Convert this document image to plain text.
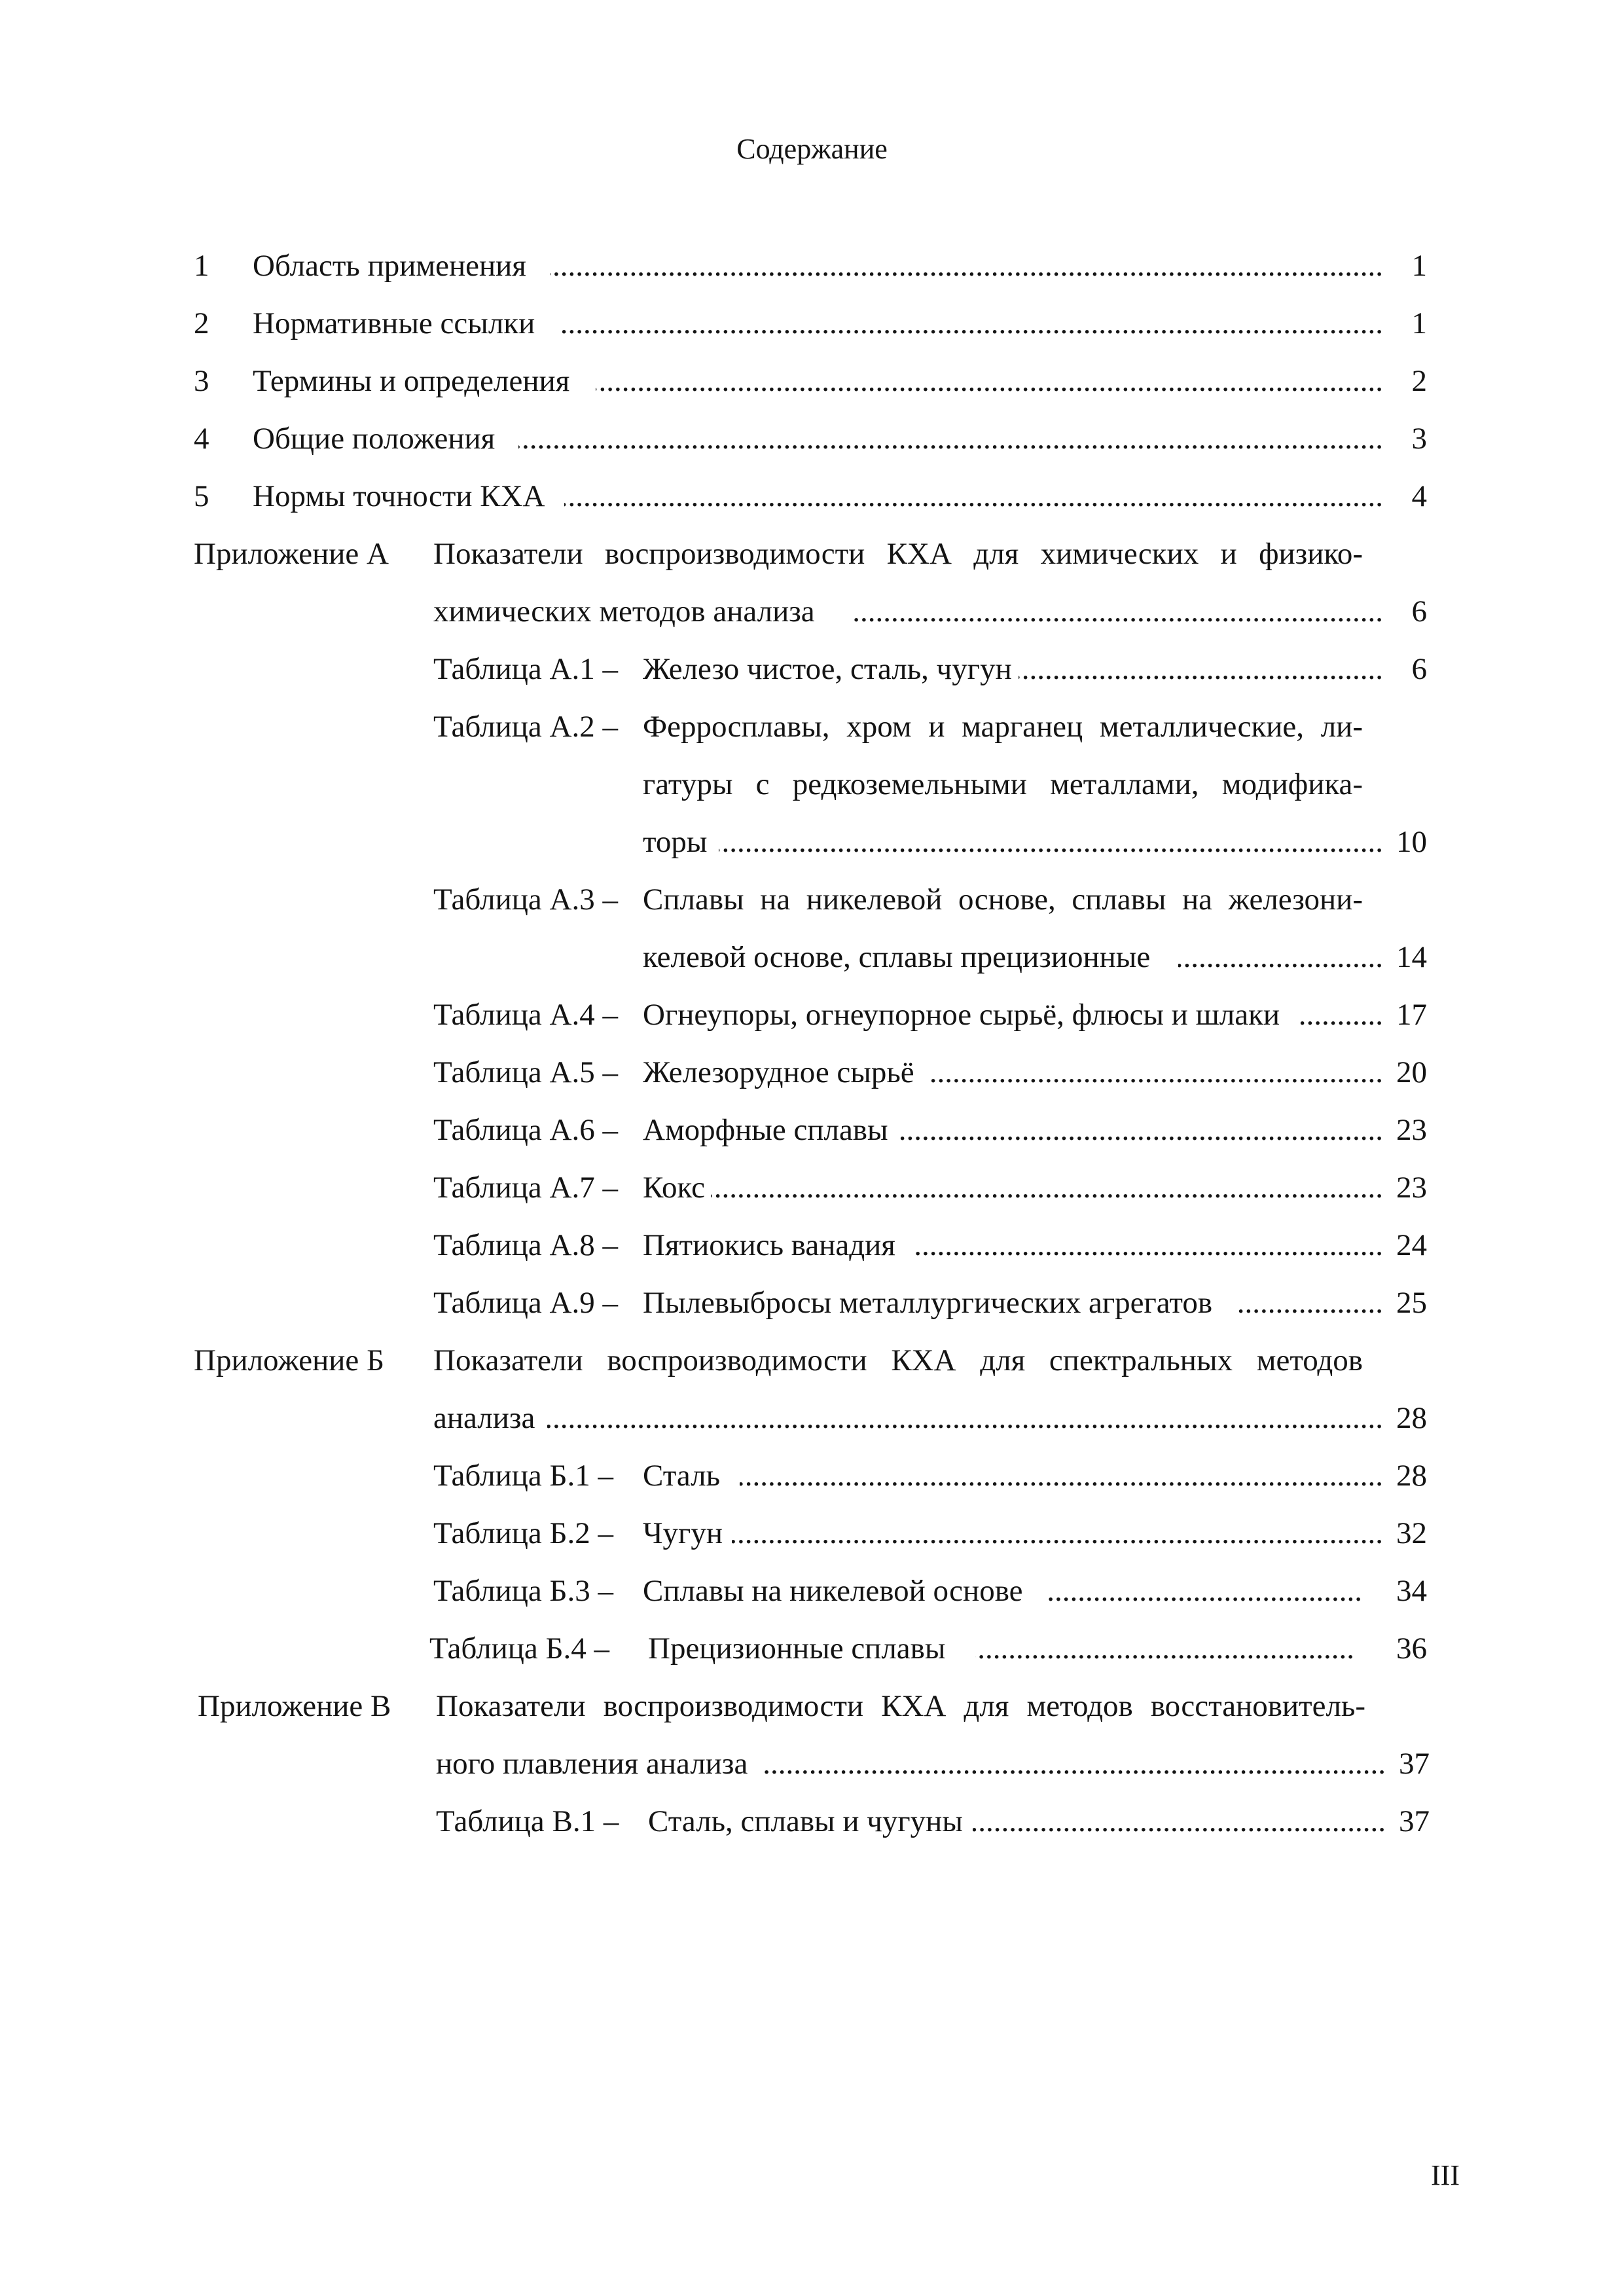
Содержание
1 Область применения .....	1
2 Нормативные ссылки .....	1
3 Термины и определения .....	2
4 Общие положения .....	3
5 Нормы точности КХА .....	4
Приложение А Показатели воспроизводимости КХА для химических и физико-
химических методов анализа .....	6
Таблица А.1 – Железо чистое, сталь, чугун .....	6
Таблица А.2 – Ферросплавы, хром и марганец металлические, ли-
гатуры с редкоземельными металлами, модифика-
торы .....	10
Таблица А.3 – Сплавы на никелевой основе, сплавы на железони-
келевой основе, сплавы прецизионные .....	14
Таблица А.4 – Огнеупоры, огнеупорное сырьё, флюсы и шлаки .....	17
Таблица А.5 – Железорудное сырьё .....	20
Таблица А.6 – Аморфные сплавы .....	23
Таблица А.7 – Кокс .....	23
Таблица А.8 – Пятиокись ванадия .....	24
Таблица А.9 – Пылевыбросы металлургических агрегатов .....	25
Приложение Б Показатели воспроизводимости КХА для спектральных методов
анализа .....	28
Таблица Б.1 – Сталь .....	28
Таблица Б.2 – Чугун .....	32
Таблица Б.3 – Сплавы на никелевой основе .....	34
Таблица Б.4 – Прецизионные сплавы .....	36
Приложение В Показатели воспроизводимости КХА для методов восстановитель-
ного плавления анализа .....	37
Таблица В.1 – Сталь, сплавы и чугуны .....	37
III
